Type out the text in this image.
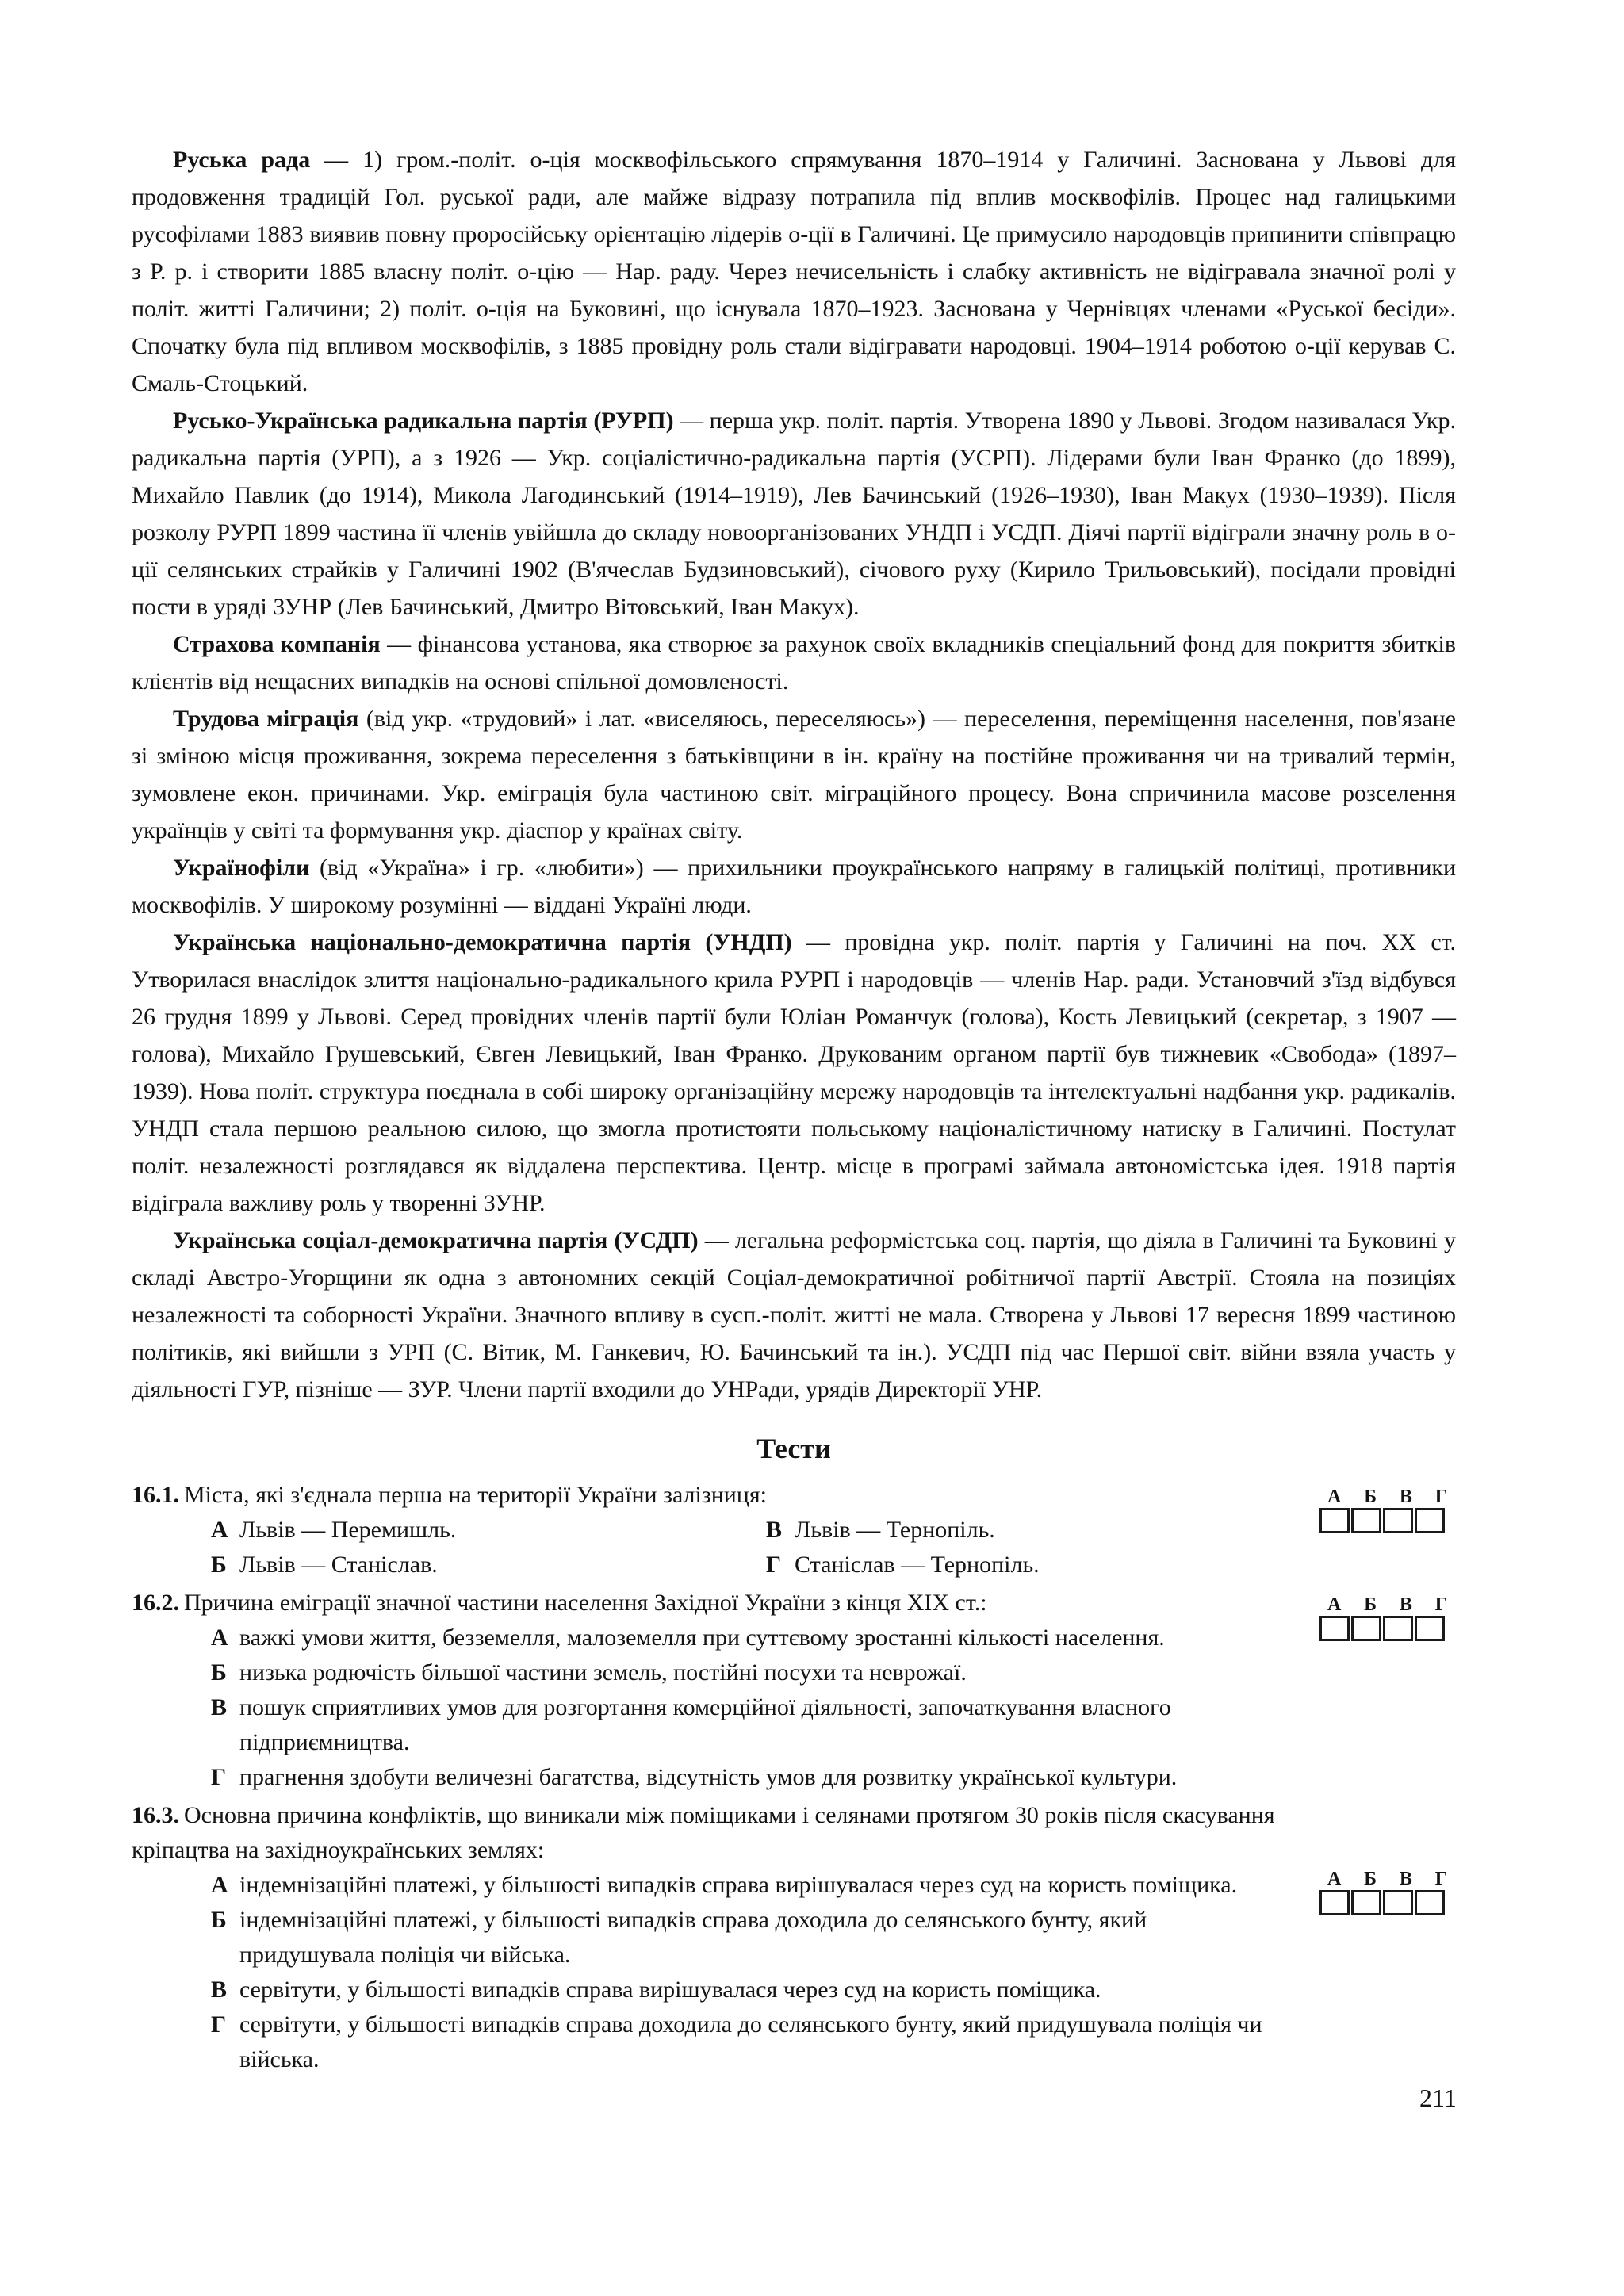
Руська рада — 1) гром.-політ. о-ція москвофільського спрямування 1870–1914 у Галичині. Заснована у Львові для продовження традицій Гол. руської ради, але майже відразу потрапила під вплив москвофілів. Процес над галицькими русофілами 1883 виявив повну проросійську орієнтацію лідерів о-ції в Галичині. Це примусило народовців припинити співпрацю з Р. р. і створити 1885 власну політ. о-цію — Нар. раду. Через нечисельність і слабку активність не відігравала значної ролі у політ. житті Галичини; 2) політ. о-ція на Буковині, що існувала 1870–1923. Заснована у Чернівцях членами «Руської бесіди». Спочатку була під впливом москвофілів, з 1885 провідну роль стали відігравати народовці. 1904–1914 роботою о-ції керував С. Смаль-Стоцький.

Русько-Українська радикальна партія (РУРП) — перша укр. політ. партія. Утворена 1890 у Львові. Згодом називалася Укр. радикальна партія (УРП), а з 1926 — Укр. соціалістично-радикальна партія (УСРП). Лідерами були Іван Франко (до 1899), Михайло Павлик (до 1914), Микола Лагодинський (1914–1919), Лев Бачинський (1926–1930), Іван Макух (1930–1939). Після розколу РУРП 1899 частина її членів увійшла до складу новоорганізованих УНДП і УСДП. Діячі партії відіграли значну роль в о-ції селянських страйків у Галичині 1902 (В'ячеслав Будзиновський), січового руху (Кирило Трильовський), посідали провідні пости в уряді ЗУНР (Лев Бачинський, Дмитро Вітовський, Іван Макух).

Страхова компанія — фінансова установа, яка створює за рахунок своїх вкладників спеціальний фонд для покриття збитків клієнтів від нещасних випадків на основі спільної домовленості.

Трудова міграція (від укр. «трудовий» і лат. «виселяюсь, переселяюсь») — переселення, переміщення населення, пов'язане зі зміною місця проживання, зокрема переселення з батьківщини в ін. країну на постійне проживання чи на тривалий термін, зумовлене екон. причинами. Укр. еміграція була частиною світ. міграційного процесу. Вона спричинила масове розселення українців у світі та формування укр. діаспор у країнах світу.

Українофіли (від «Україна» і гр. «любити») — прихильники проукраїнського напряму в галицькій політиці, противники москвофілів. У широкому розумінні — віддані Україні люди.

Українська національно-демократична партія (УНДП) — провідна укр. політ. партія у Галичині на поч. XX ст. Утворилася внаслідок злиття національно-радикального крила РУРП і народовців — членів Нар. ради. Установчий з'їзд відбувся 26 грудня 1899 у Львові. Серед провідних членів партії були Юліан Романчук (голова), Кость Левицький (секретар, з 1907 — голова), Михайло Грушевський, Євген Левицький, Іван Франко. Друкованим органом партії був тижневик «Свобода» (1897–1939). Нова політ. структура поєднала в собі широку організаційну мережу народовців та інтелектуальні надбання укр. радикалів. УНДП стала першою реальною силою, що змогла протистояти польському націоналістичному натиску в Галичині. Постулат політ. незалежності розглядався як віддалена перспектива. Центр. місце в програмі займала автономістська ідея. 1918 партія відіграла важливу роль у творенні ЗУНР.

Українська соціал-демократична партія (УСДП) — легальна реформістська соц. партія, що діяла в Галичині та Буковині у складі Австро-Угорщини як одна з автономних секцій Соціал-демократичної робітничої партії Австрії. Стояла на позиціях незалежності та соборності України. Значного впливу в сусп.-політ. житті не мала. Створена у Львові 17 вересня 1899 частиною політиків, які вийшли з УРП (С. Вітик, М. Ганкевич, Ю. Бачинський та ін.). УСДП під час Першої світ. війни взяла участь у діяльності ГУР, пізніше — ЗУР. Члени партії входили до УНРади, урядів Директорії УНР.

Тести
16.1. Міста, які з'єднала перша на території України залізниця:
А Львів — Перемишль.	В Львів — Тернопіль.
Б Львів — Станіслав.	Г Станіслав — Тернопіль.
А Б В Г
16.2. Причина еміграції значної частини населення Західної України з кінця XIX ст.:
А важкі умови життя, безземелля, малоземелля при суттєвому зростанні кількості населення.
Б низька родючість більшої частини земель, постійні посухи та неврожаї.
В пошук сприятливих умов для розгортання комерційної діяльності, започаткування власного підприємництва.
Г прагнення здобути величезні багатства, відсутність умов для розвитку української культури.
А Б В Г
16.3. Основна причина конфліктів, що виникали між поміщиками і селянами протягом 30 років після скасування кріпацтва на західноукраїнських землях:
А індемнізаційні платежі, у більшості випадків справа вирішувалася через суд на користь поміщика.
Б індемнізаційні платежі, у більшості випадків справа доходила до селянського бунту, який придушувала поліція чи війська.
В сервітути, у більшості випадків справа вирішувалася через суд на користь поміщика.
Г сервітути, у більшості випадків справа доходила до селянського бунту, який придушувала поліція чи війська.
А Б В Г
211
